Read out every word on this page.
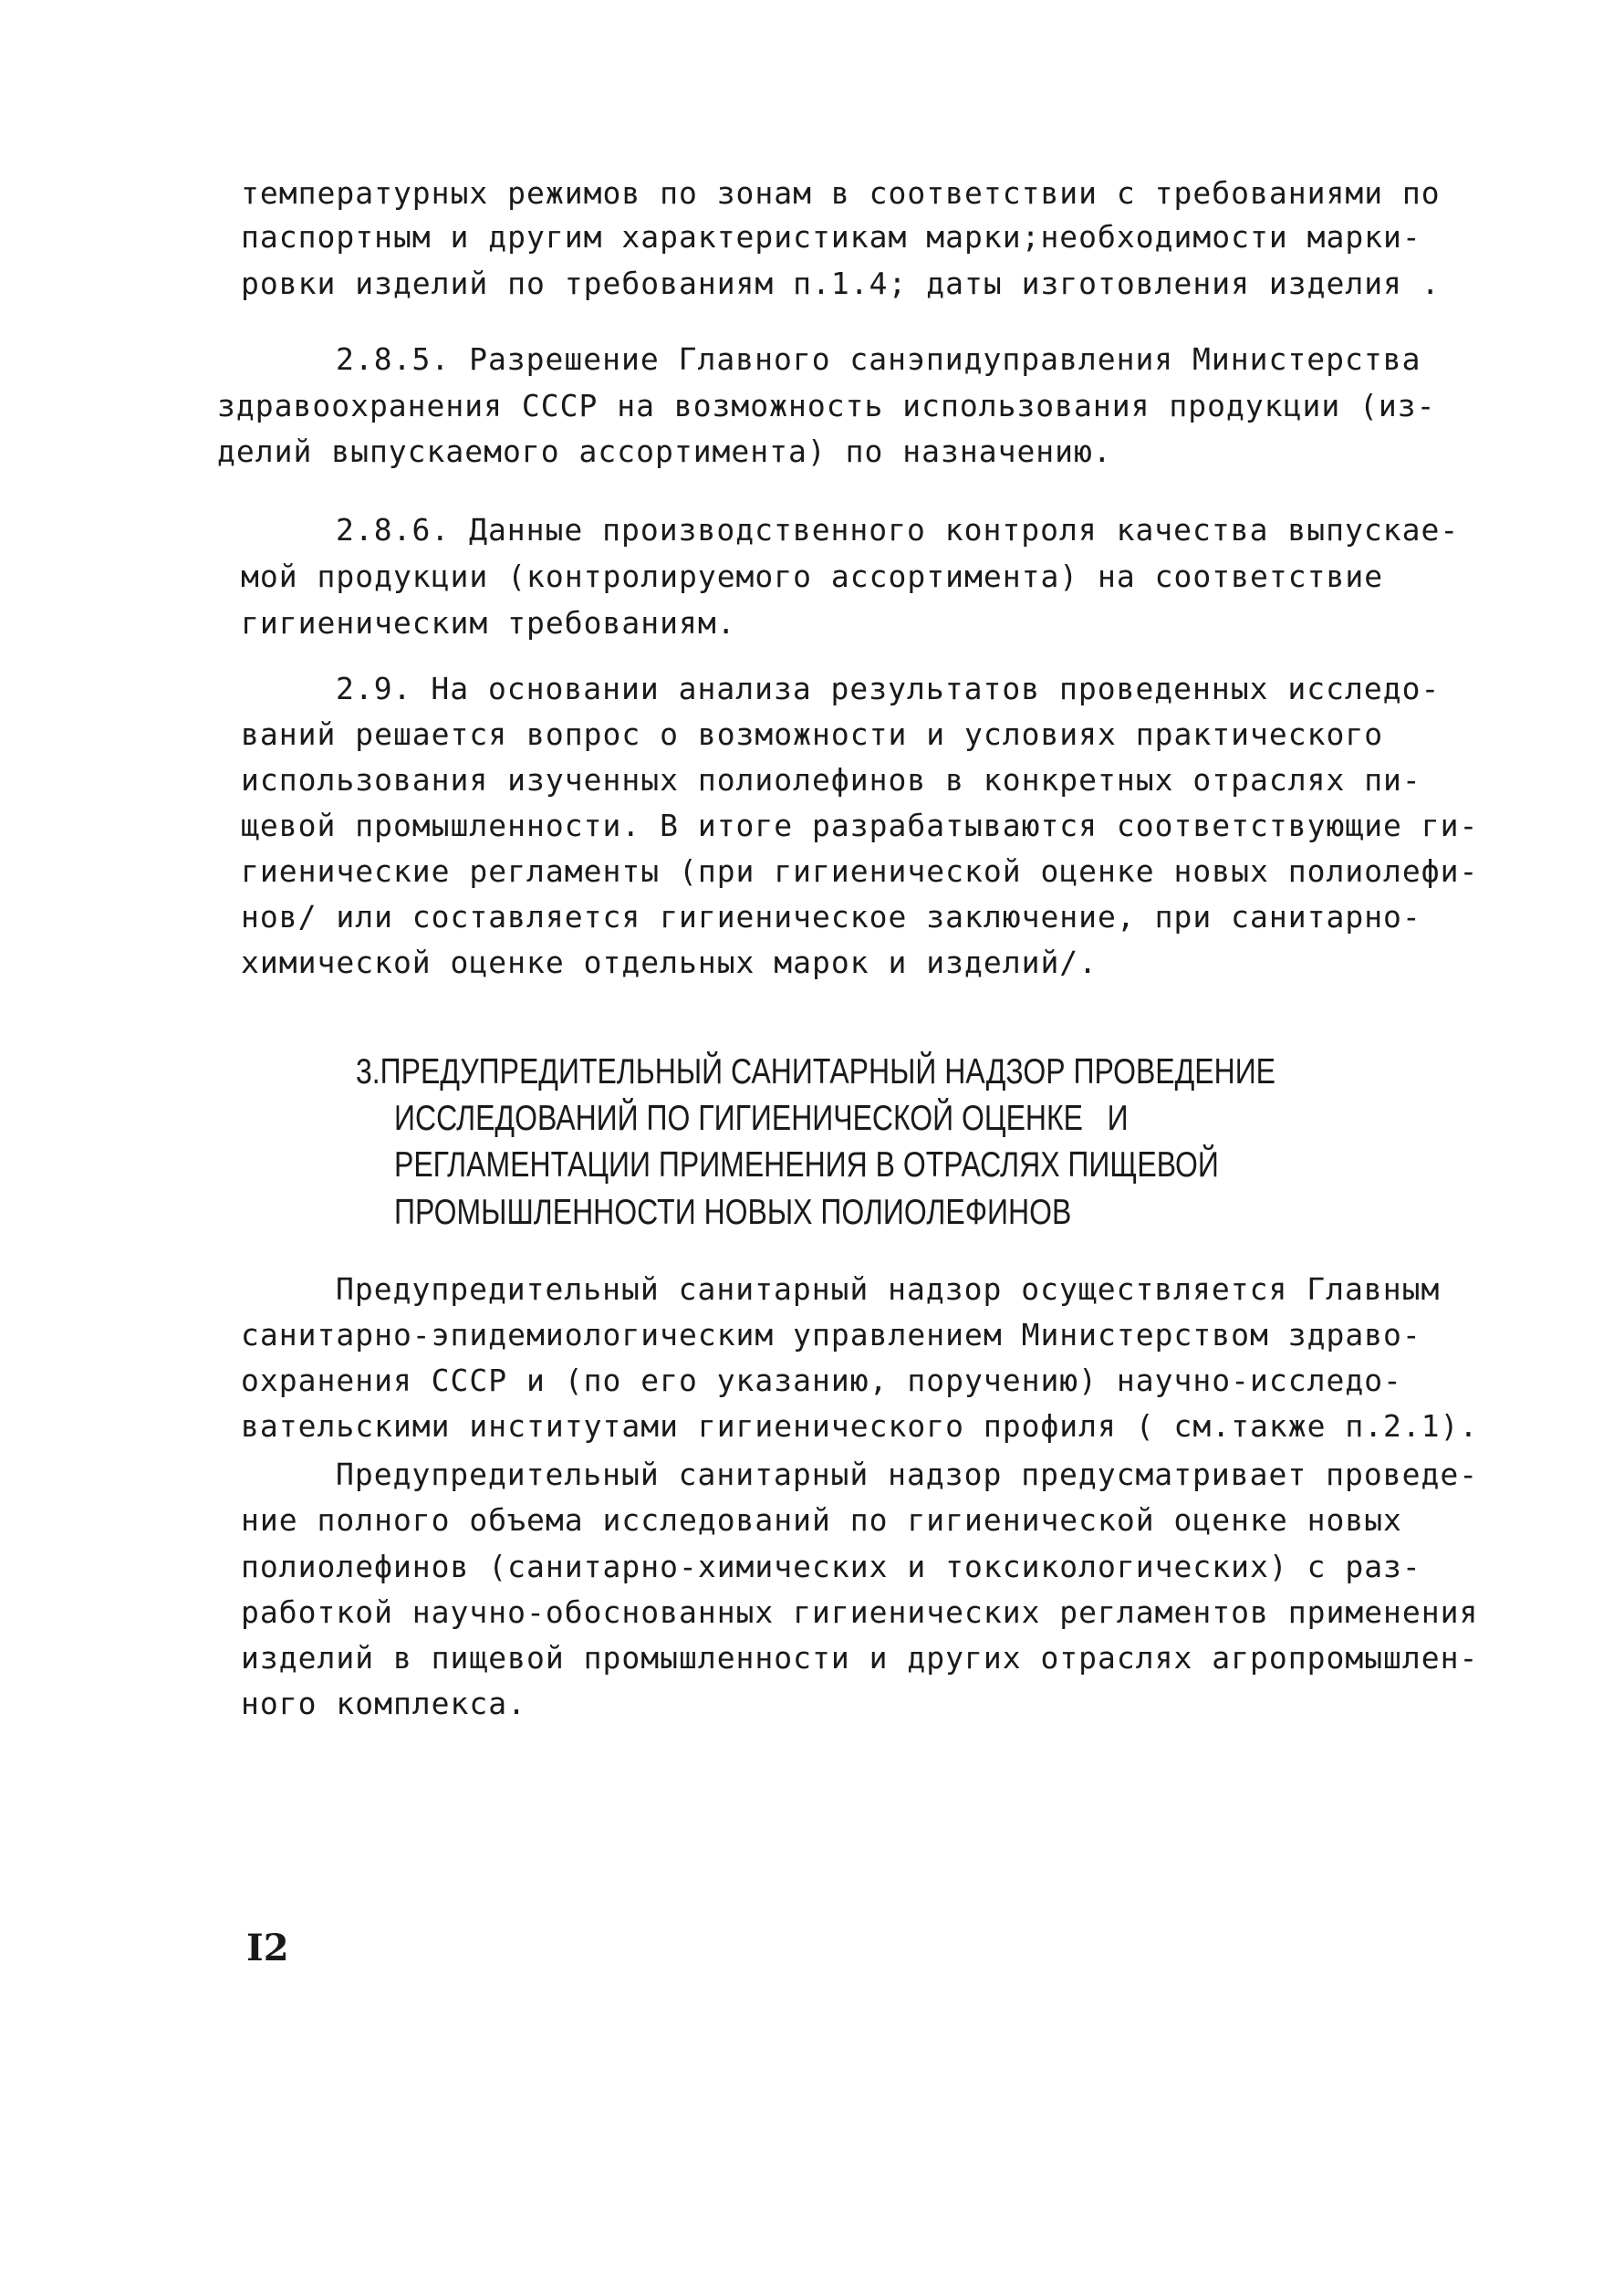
температурных режимов по зонам в соответствии с требованиями по
паспортным и другим характеристикам марки;необходимости марки-
ровки изделий по требованиям п.1.4; даты изготовления изделия .
2.8.5. Разрешение Главного санэпидуправления Министерства
здравоохранения СССР на возможность использования продукции (из-
делий выпускаемого ассортимента) по назначению.
2.8.6. Данные производственного контроля качества выпускае-
мой продукции (контролируемого ассортимента) на соответствие
гигиеническим требованиям.
2.9. На основании анализа результатов проведенных исследо-
ваний решается вопрос о возможности и условиях практического
использования изученных полиолефинов в конкретных отраслях пи-
щевой промышленности. В итоге разрабатываются соответствующие ги-
гиенические регламенты (при гигиенической оценке новых полиолефи-
нов/ или составляется гигиеническое заключение, при санитарно-
химической оценке отдельных марок и изделий/.
3.ПРЕДУПРЕДИТЕЛЬНЫЙ САНИТАРНЫЙ НАДЗОР ПРОВЕДЕНИЕ
ИССЛЕДОВАНИЙ ПО ГИГИЕНИЧЕСКОЙ ОЦЕНКЕ   И
РЕГЛАМЕНТАЦИИ ПРИМЕНЕНИЯ В ОТРАСЛЯХ ПИЩЕВОЙ
ПРОМЫШЛЕННОСТИ НОВЫХ ПОЛИОЛЕФИНОВ
Предупредительный санитарный надзор осуществляется Главным
санитарно-эпидемиологическим управлением Министерством здраво-
охранения СССР и (по его указанию, поручению) научно-исследо-
вательскими институтами гигиенического профиля ( см.также п.2.1).
Предупредительный санитарный надзор предусматривает проведе-
ние полного объема исследований по гигиенической оценке новых
полиолефинов (санитарно-химических и токсикологических) с раз-
работкой научно-обоснованных гигиенических регламентов применения
изделий в пищевой промышленности и других отраслях агропромышлен-
ного комплекса.
I2
